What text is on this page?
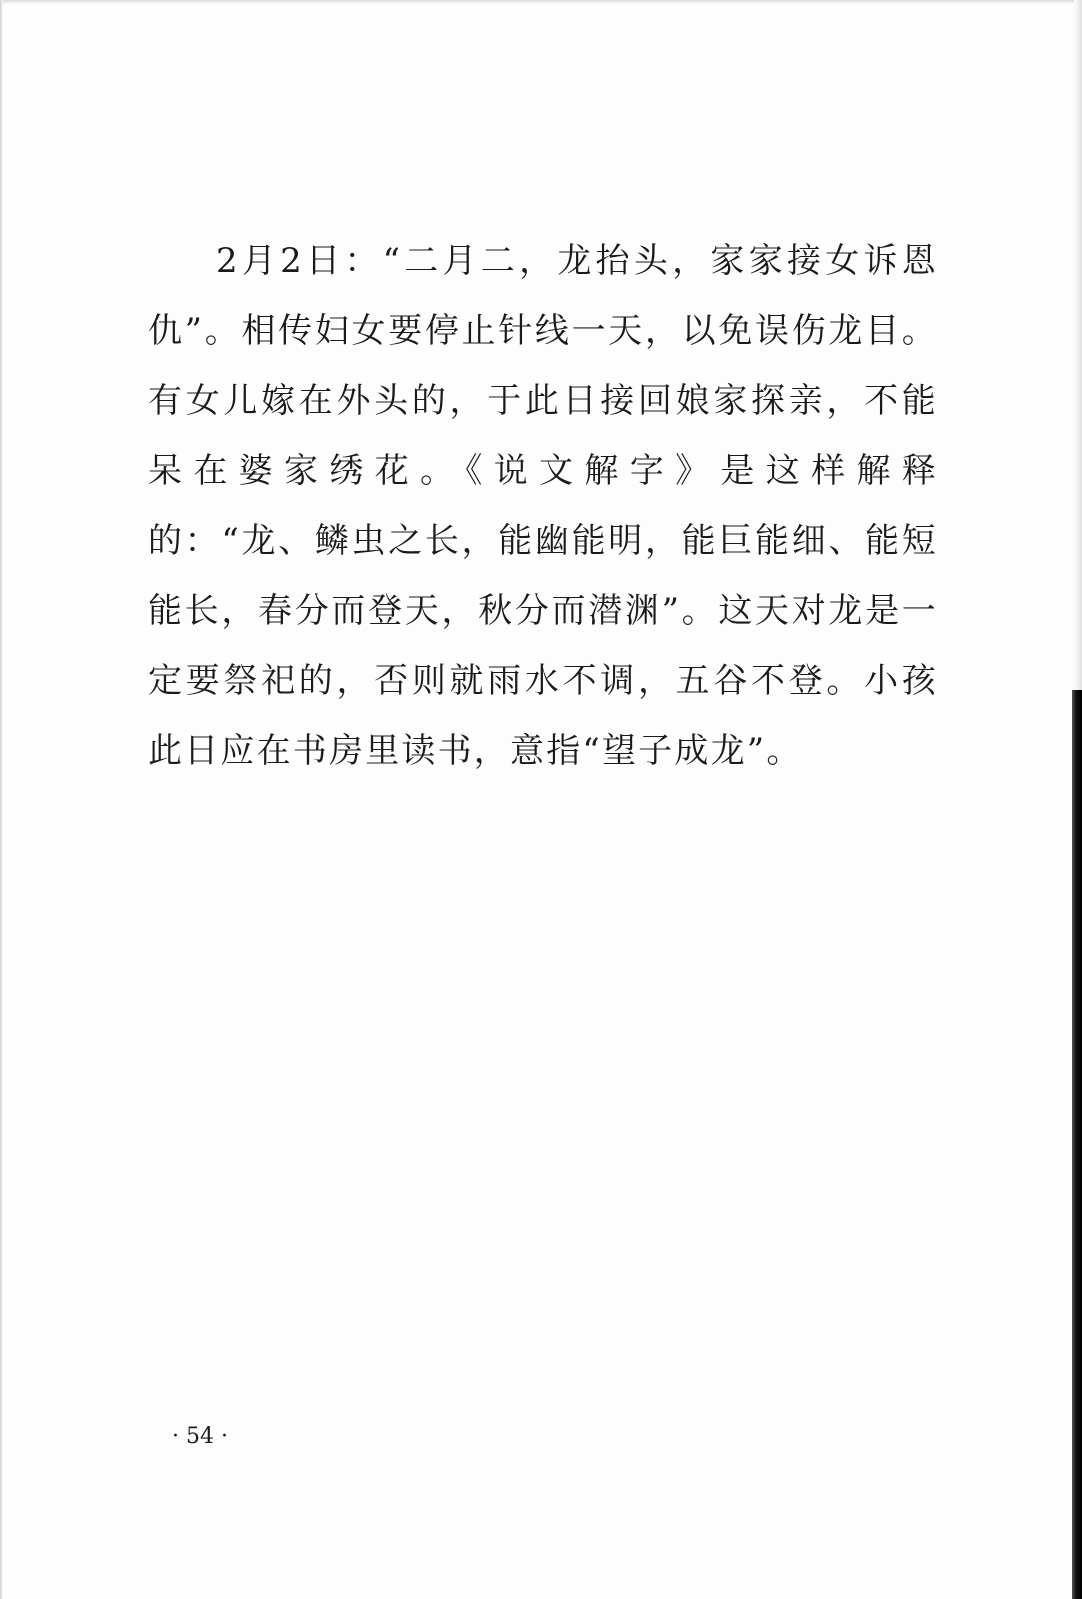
2月2日：“二月二，龙抬头，家家接女诉恩仇”。相传妇女要停止针线一天，以免误伤龙目。有女儿嫁在外头的，于此日接回娘家探亲，不能呆在婆家绣花。《说文解字》是这样解释的：“龙、鳞虫之长，能幽能明，能巨能细、能短能长，春分而登天，秋分而潜渊”。这天对龙是一定要祭祀的，否则就雨水不调，五谷不登。小孩此日应在书房里读书，意指“望子成龙”。

· 54 ·
